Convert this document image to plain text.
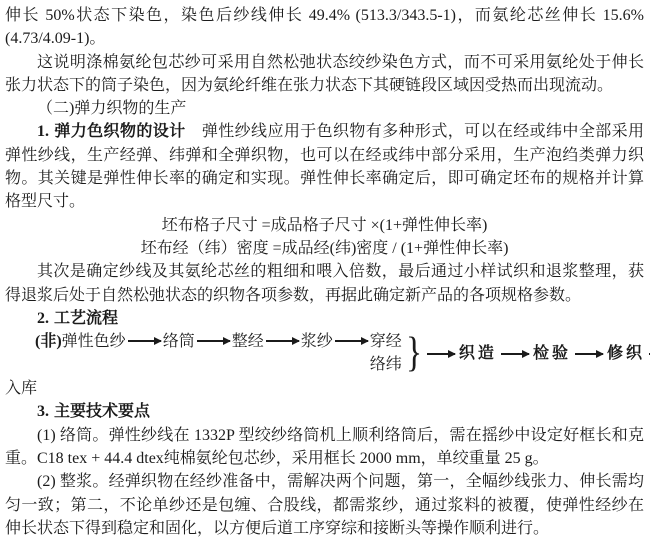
伸长 50%状态下染色，染色后纱线伸长 49.4% (513.3/343.5-1)，而氨纶芯丝伸长 15.6% (4.73/4.09-1)。

这说明涤棉氨纶包芯纱可采用自然松弛状态绞纱染色方式，而不可采用氨纶处于伸长张力状态下的筒子染色，因为氨纶纤维在张力状态下其硬链段区域因受热而出现流动。

（二)弹力织物的生产

1. 弹力色织物的设计　弹性纱线应用于色织物有多种形式，可以在经或纬中全部采用弹性纱线，生产经弹、纬弹和全弹织物，也可以在经或纬中部分采用，生产泡绉类弹力织物。其关键是弹性伸长率的确定和实现。弹性伸长率确定后，即可确定坯布的规格并计算格型尺寸。

坯布格子尺寸 =成品格子尺寸 ×(1+弹性伸长率)

坯布经（纬）密度 =成品经(纬)密度 / (1+弹性伸长率)

其次是确定纱线及其氨纶芯丝的粗细和喂入倍数，最后通过小样试织和退浆整理，获得退浆后处于自然松弛状态的织物各项参数，再据此确定新产品的各项规格参数。

2. 工艺流程

(非)弹性色纱 络筒 整经 浆纱 穿经
络纬 } 织造 检验 修织

入库

3. 主要技术要点

(1) 络筒。弹性纱线在 1332P 型绞纱络筒机上顺利络筒后，需在摇纱中设定好框长和克重。C18 tex + 44.4 dtex纯棉氨纶包芯纱，采用框长 2000 mm，单绞重量 25 g。

(2) 整浆。经弹织物在经纱准备中，需解决两个问题，第一，全幅纱线张力、伸长需均匀一致；第二，不论单纱还是包缠、合股线，都需浆纱，通过浆料的被覆，使弹性经纱在伸长状态下得到稳定和固化，以方便后道工序穿综和接断头等操作顺利进行。
